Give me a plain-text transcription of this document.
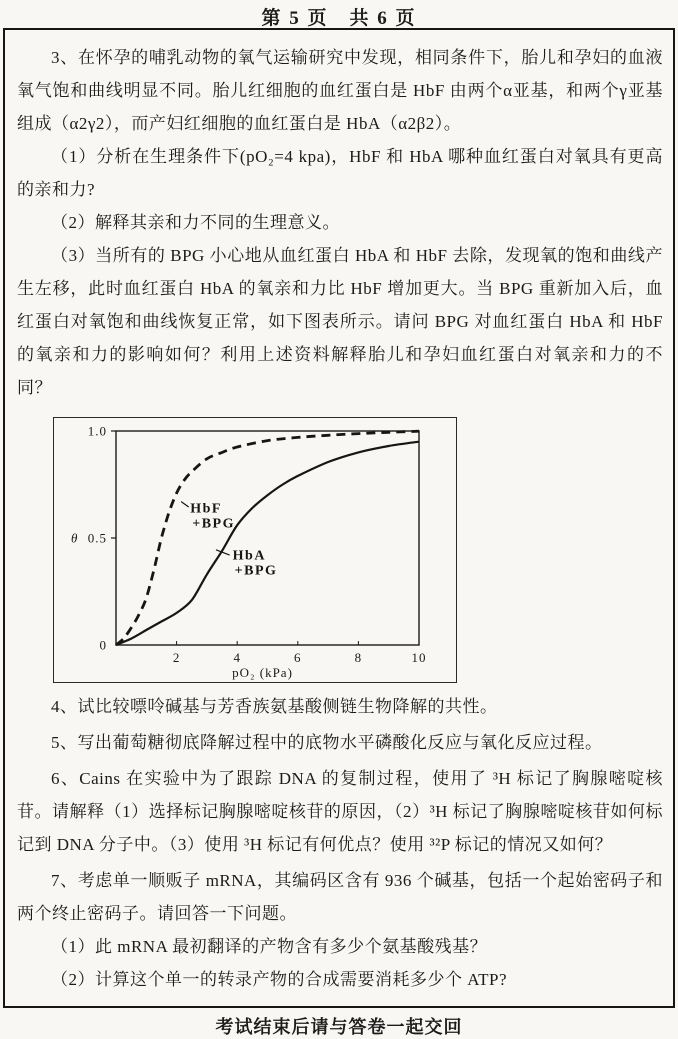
第 5 页　共 6 页

3、在怀孕的哺乳动物的氧气运输研究中发现，相同条件下，胎儿和孕妇的血液氧气饱和曲线明显不同。胎儿红细胞的血红蛋白是 HbF 由两个α亚基，和两个γ亚基组成（α2γ2），而产妇红细胞的血红蛋白是 HbA（α2β2）。

（1）分析在生理条件下(pO₂=4 kpa)，HbF 和 HbA 哪种血红蛋白对氧具有更高的亲和力?

（2）解释其亲和力不同的生理意义。

（3）当所有的 BPG 小心地从血红蛋白 HbA 和 HbF 去除，发现氧的饱和曲线产生左移，此时血红蛋白 HbA 的氧亲和力比 HbF 增加更大。当 BPG 重新加入后，血红蛋白对氧饱和曲线恢复正常，如下图表所示。请问 BPG 对血红蛋白 HbA 和 HbF 的氧亲和力的影响如何？利用上述资料解释胎儿和孕妇血红蛋白对氧亲和力的不同？

0
0.5
1.0
2	4	6	8	10
θ
pO₂ (kPa)
HbF
+BPG
HbA
+BPG

4、试比较嘌呤碱基与芳香族氨基酸侧链生物降解的共性。

5、写出葡萄糖彻底降解过程中的底物水平磷酸化反应与氧化反应过程。

6、Cains 在实验中为了跟踪 DNA 的复制过程，使用了 ³H 标记了胸腺嘧啶核苷。请解释（1）选择标记胸腺嘧啶核苷的原因，（2）³H 标记了胸腺嘧啶核苷如何标记到 DNA 分子中。（3）使用 ³H 标记有何优点？使用 ³²P 标记的情况又如何？

7、考虑单一顺贩子 mRNA，其编码区含有 936 个碱基，包括一个起始密码子和两个终止密码子。请回答一下问题。

（1）此 mRNA 最初翻译的产物含有多少个氨基酸残基？

（2）计算这个单一的转录产物的合成需要消耗多少个 ATP?

考试结束后请与答卷一起交回
